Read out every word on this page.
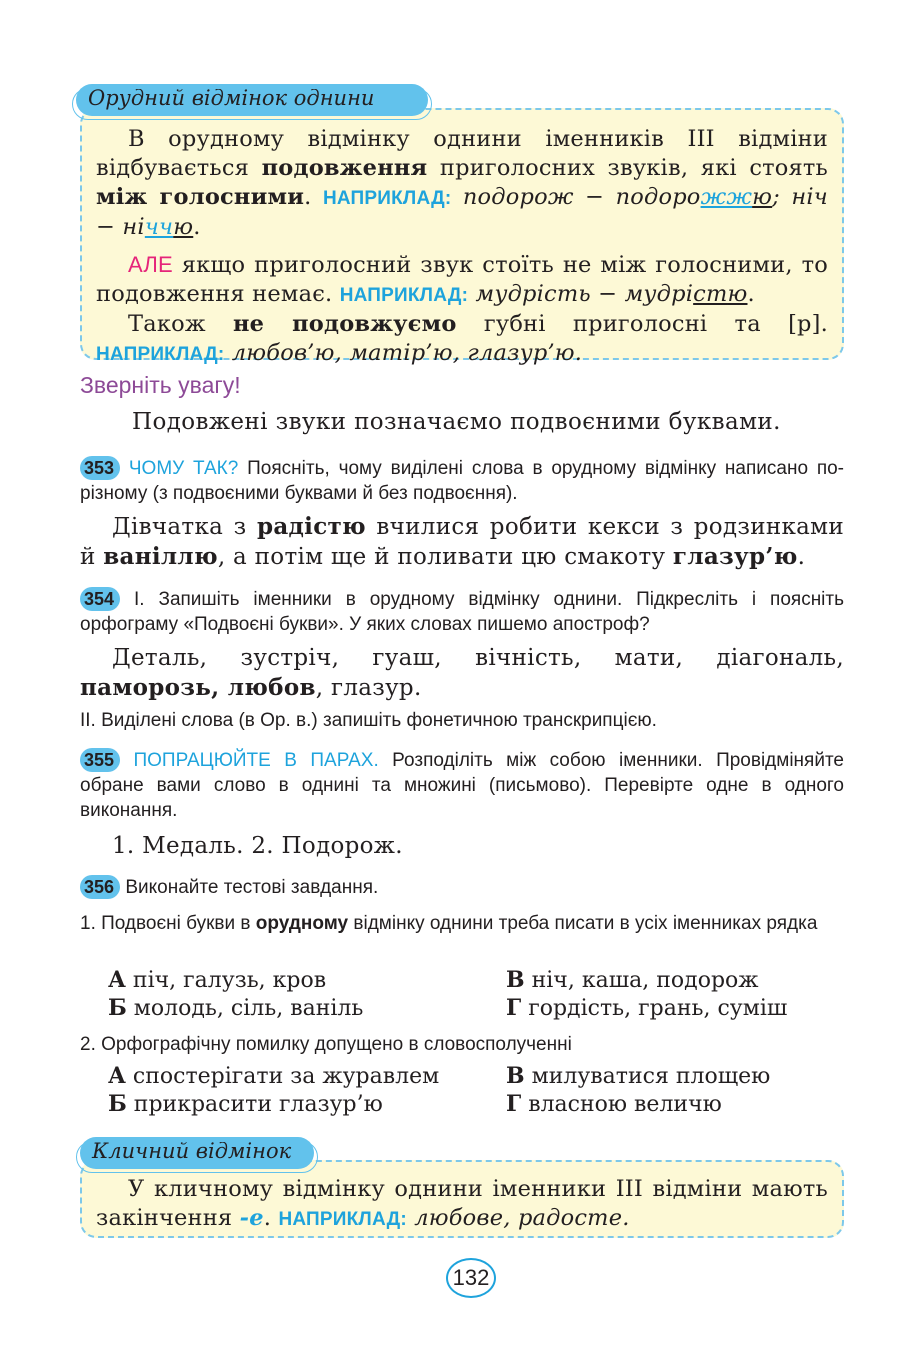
Орудний відмінок однини

В орудному відмінку однини іменників III відміни відбувається подовження приголосних звуків, які стоять між голосними. НАПРИКЛАД: подорож − подорожжю; ніч − ніччю.

АЛЕ якщо приголосний звук стоїть не між голосними, то подовження немає. НАПРИКЛАД: мудрість − мудрістю.

Також не подовжуємо губні приголосні та [р]. НАПРИКЛАД: любов’ю, матір’ю, глазур’ю.

Зверніть увагу!
Подовжені звуки позначаємо подвоєними буквами.
353 ЧОМУ ТАК? Поясніть, чому виділені слова в орудному відмінку написано по-різному (з подвоєними буквами й без подвоєння).
Дівчатка з радістю вчилися робити кекси з родзинками й ваніллю, а потім ще й поливати цю смакоту глазур’ю.
354 І. Запишіть іменники в орудному відмінку однини. Підкресліть і поясніть орфограму «Подвоєні букви». У яких словах пишемо апостроф?
Деталь, зустріч, гуаш, вічність, мати, діагональ, паморозь, любов, глазур.
ІІ. Виділені слова (в Ор. в.) запишіть фонетичною транскрипцією.
355 ПОПРАЦЮЙТЕ В ПАРАХ. Розподіліть між собою іменники. Провідміняйте обране вами слово в однині та множині (письмово). Перевірте одне в одного виконання.
1. Медаль. 2. Подорож.
356 Виконайте тестові завдання.
1. Подвоєні букви в орудному відмінку однини треба писати в усіх іменниках рядка
А піч, галузь, кров
Б молодь, сіль, ваніль
В ніч, каша, подорож
Г гордість, грань, суміш
2. Орфографічну помилку допущено в словосполученні
А спостерігати за журавлем
Б прикрасити глазур’ю
В милуватися площею
Г власною величю
Кличний відмінок

У кличному відмінку однини іменники III відміни мають закінчення -е. НАПРИКЛАД: любове, радосте.

132
